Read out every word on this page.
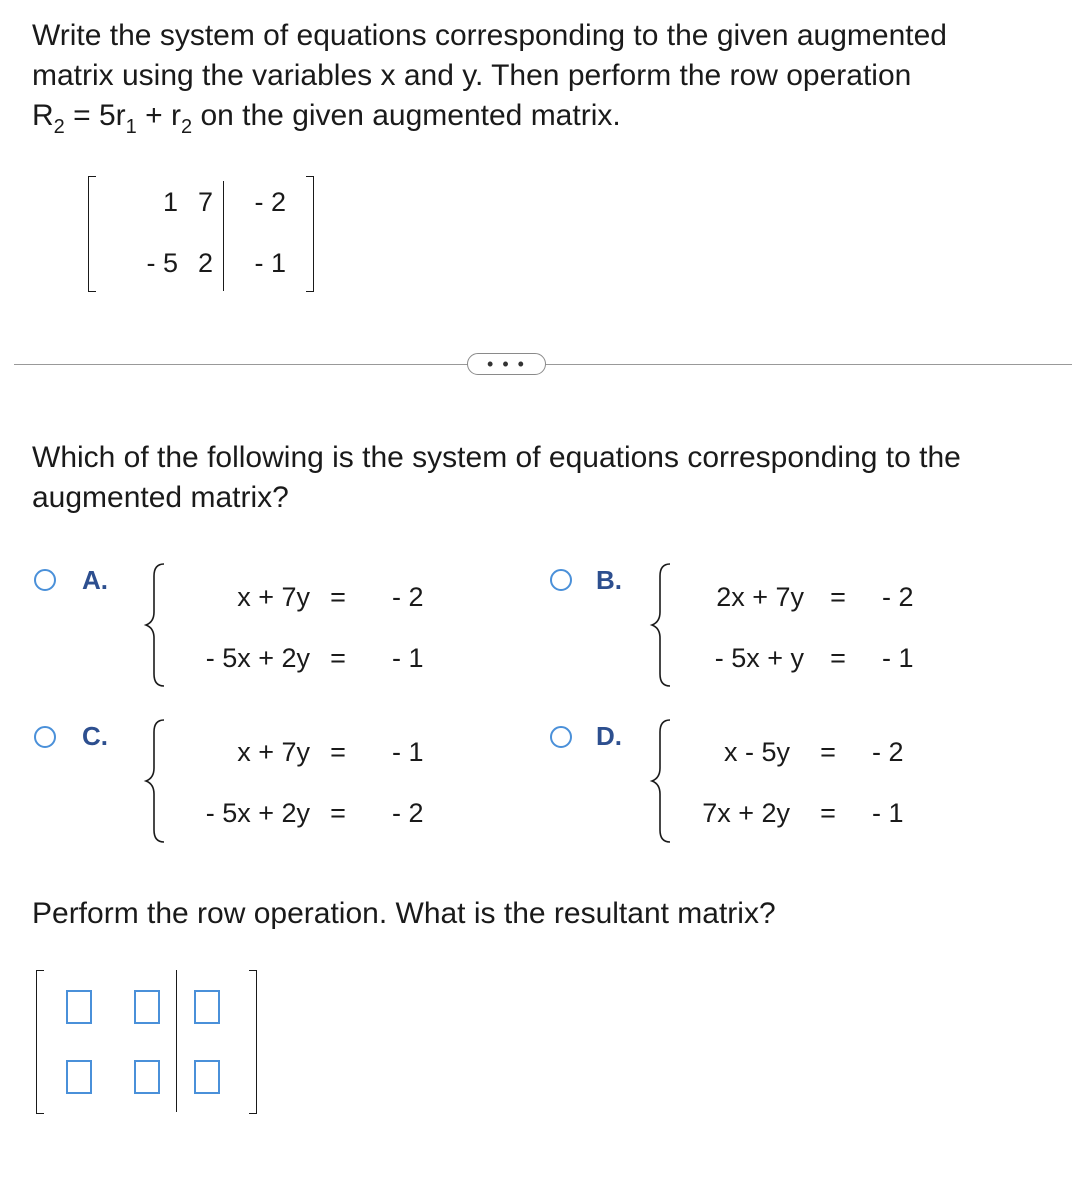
Write the system of equations corresponding to the given augmented
matrix using the variables x and y. Then perform the row operation
$R_2 = 5r_1 + r_2$ on the given augmented matrix.
1 7	- 2
- 5 2	- 1
• • •
Which of the following is the system of equations corresponding to the
augmented matrix?
A.
x + 7y =	- 2
- 5x + 2y =	- 1
B.
2x + 7y =	- 2
- 5x + y =	- 1
C.
x + 7y =	- 1
- 5x + 2y =	- 2
D.
x - 5y	=	- 2
7x + 2y	=	- 1
Perform the row operation. What is the resultant matrix?
